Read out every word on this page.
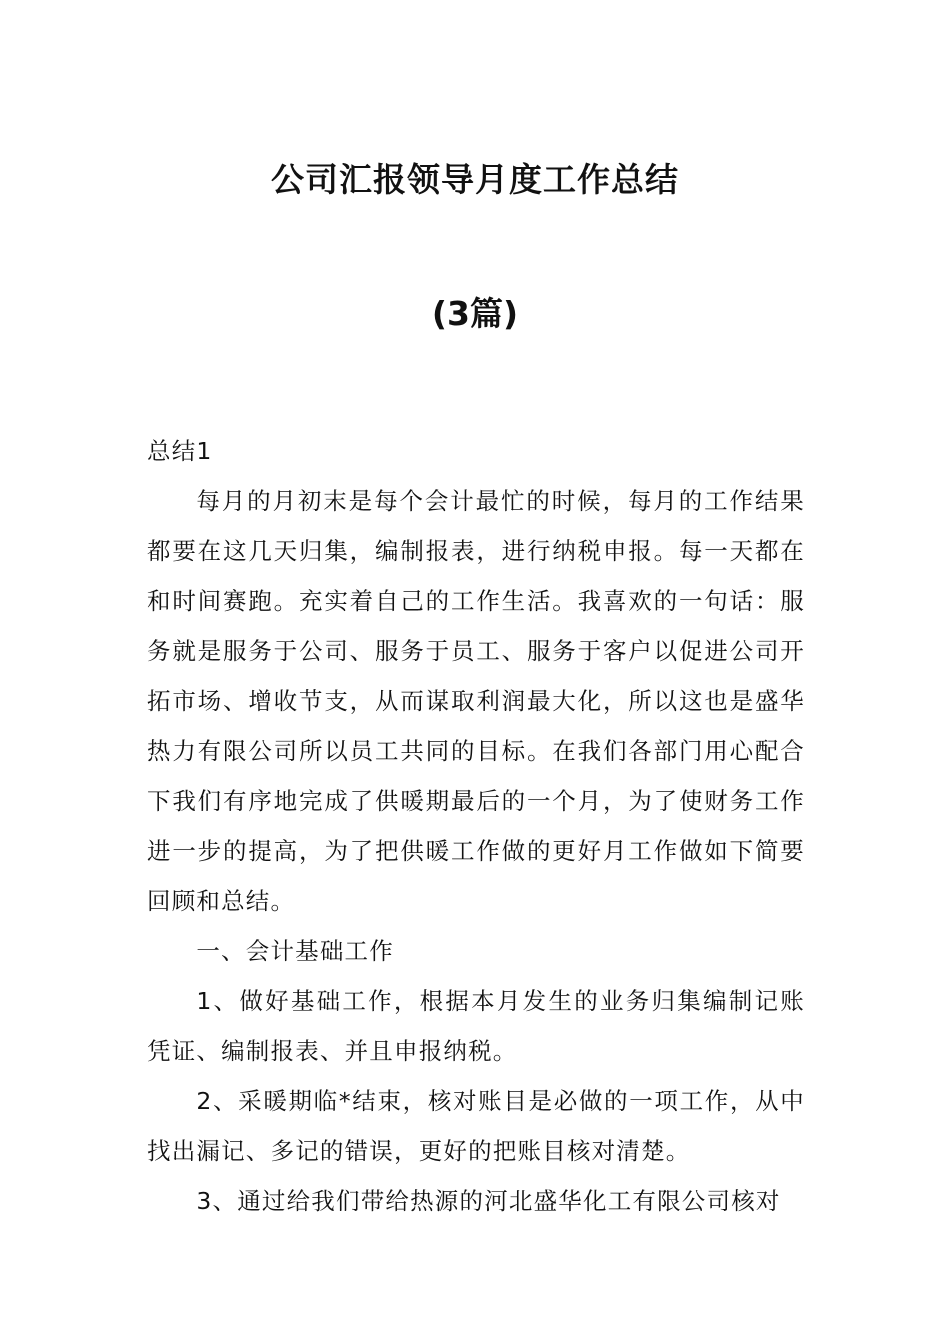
公司汇报领导月度工作总结
(3篇)

总结1

每月的月初末是每个会计最忙的时候，每月的工作结果都要在这几天归集，编制报表，进行纳税申报。每一天都在和时间赛跑。充实着自己的工作生活。我喜欢的一句话：服务就是服务于公司、服务于员工、服务于客户以促进公司开拓市场、增收节支，从而谋取利润最大化，所以这也是盛华热力有限公司所以员工共同的目标。在我们各部门用心配合下我们有序地完成了供暖期最后的一个月，为了使财务工作进一步的提高，为了把供暖工作做的更好月工作做如下简要回顾和总结。

一、会计基础工作

1、做好基础工作，根据本月发生的业务归集编制记账凭证、编制报表、并且申报纳税。

2、采暖期临*结束，核对账目是必做的一项工作，从中找出漏记、多记的错误，更好的把账目核对清楚。

3、通过给我们带给热源的河北盛华化工有限公司核对
